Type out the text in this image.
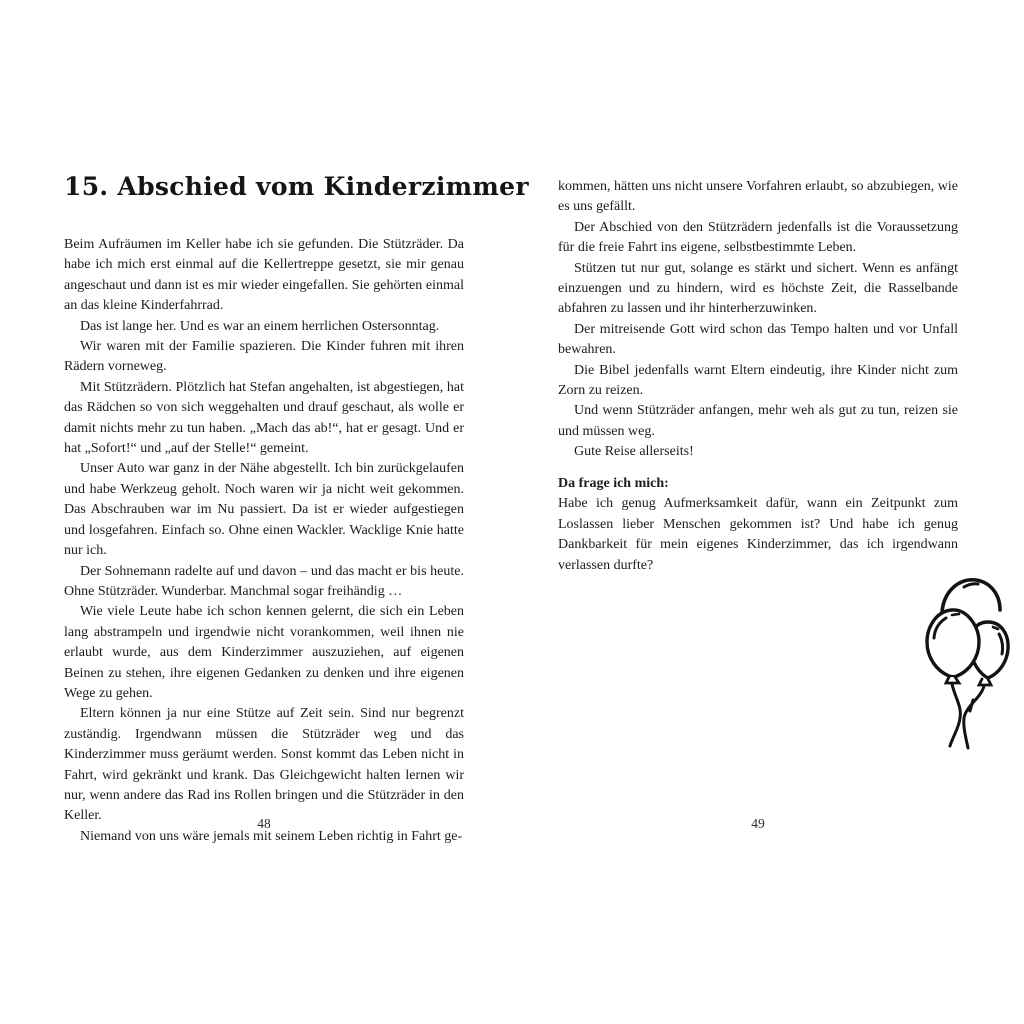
15. Abschied vom Kinderzimmer

Beim Aufräumen im Keller habe ich sie gefunden. Die Stützräder. Da habe ich mich erst einmal auf die Kellertreppe gesetzt, sie mir genau angeschaut und dann ist es mir wieder eingefallen. Sie gehörten einmal an das kleine Kinderfahrrad.

Das ist lange her. Und es war an einem herrlichen Ostersonntag.

Wir waren mit der Familie spazieren. Die Kinder fuhren mit ihren Rädern vorneweg.

Mit Stützrädern. Plötzlich hat Stefan angehalten, ist abgestiegen, hat das Rädchen so von sich weggehalten und drauf geschaut, als wolle er damit nichts mehr zu tun haben. „Mach das ab!“, hat er gesagt. Und er hat „Sofort!“ und „auf der Stelle!“ gemeint.

Unser Auto war ganz in der Nähe abgestellt. Ich bin zurückgelaufen und habe Werkzeug geholt. Noch waren wir ja nicht weit gekommen. Das Abschrauben war im Nu passiert. Da ist er wieder aufgestiegen und losgefahren. Einfach so. Ohne einen Wackler. Wacklige Knie hatte nur ich.

Der Sohnemann radelte auf und davon – und das macht er bis heute. Ohne Stützräder. Wunderbar. Manchmal sogar freihändig …

Wie viele Leute habe ich schon kennen gelernt, die sich ein Leben lang abstrampeln und irgendwie nicht vorankommen, weil ihnen nie erlaubt wurde, aus dem Kinderzimmer auszuziehen, auf eigenen Beinen zu stehen, ihre eigenen Gedanken zu denken und ihre eigenen Wege zu gehen.

Eltern können ja nur eine Stütze auf Zeit sein. Sind nur begrenzt zuständig. Irgendwann müssen die Stützräder weg und das Kinderzimmer muss geräumt werden. Sonst kommt das Leben nicht in Fahrt, wird gekränkt und krank. Das Gleichgewicht halten lernen wir nur, wenn andere das Rad ins Rollen bringen und die Stützräder in den Keller.

Niemand von uns wäre jemals mit seinem Leben richtig in Fahrt ge-

48

kommen, hätten uns nicht unsere Vorfahren erlaubt, so abzubiegen, wie es uns gefällt.

Der Abschied von den Stützrädern jedenfalls ist die Voraussetzung für die freie Fahrt ins eigene, selbstbestimmte Leben.

Stützen tut nur gut, solange es stärkt und sichert. Wenn es anfängt einzuengen und zu hindern, wird es höchste Zeit, die Rasselbande abfahren zu lassen und ihr hinterherzuwinken.

Der mitreisende Gott wird schon das Tempo halten und vor Unfall bewahren.

Die Bibel jedenfalls warnt Eltern eindeutig, ihre Kinder nicht zum Zorn zu reizen.

Und wenn Stützräder anfangen, mehr weh als gut zu tun, reizen sie und müssen weg.

Gute Reise allerseits!

Da frage ich mich:

Habe ich genug Aufmerksamkeit dafür, wann ein Zeitpunkt zum Loslassen lieber Menschen gekommen ist? Und habe ich genug Dankbarkeit für mein eigenes Kinderzimmer, das ich irgendwann verlassen durfte?

49
